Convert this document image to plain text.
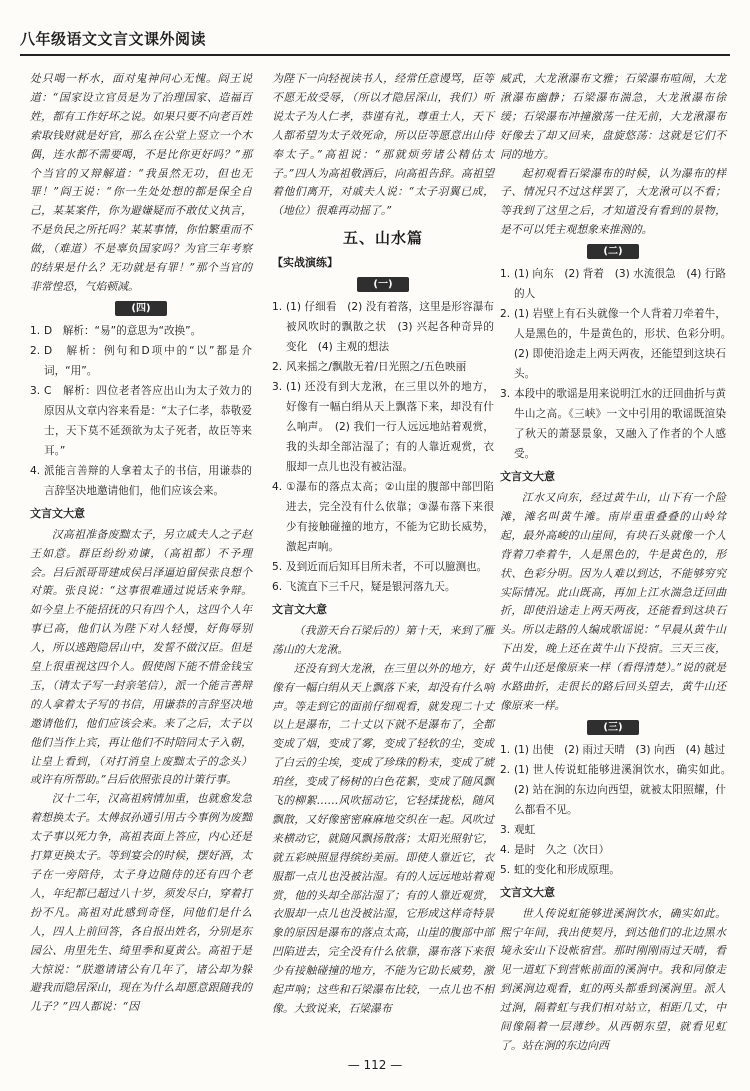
八年级语文文言文课外阅读

处只喝一杯水，面对鬼神问心无愧。阎王说道：“国家设立官员是为了治理国家、造福百姓，都有工作好坏之说。如果只要不向老百姓索取钱财就是好官，那么在公堂上竖立一个木偶，连水都不需要喝，不是比你更好吗？”那个当官的又辩解道：“我虽然无功，但也无罪！”阎王说：“你一生处处想的都是保全自己，某某案件，你为避嫌疑而不敢仗义执言，不是负民之所托吗？某某事情，你怕繁重而不做，（难道）不是辜负国家吗？为官三年考察的结果是什么？无功就是有罪！”那个当官的非常惶恐，气焰顿减。

(四)

1. D　解析：“易”的意思为“改换”。

2. D　解析：例句和D项中的“以”都是介词，“用”。

3. C　解析：四位老者答应出山为太子效力的原因从文章内容来看是：“太子仁孝，恭敬爱士，天下莫不延颈欲为太子死者，故臣等来耳。”

4. 派能言善辩的人拿着太子的书信，用谦恭的言辞坚决地邀请他们，他们应该会来。

文言文大意

汉高祖准备废黜太子，另立戚夫人之子赵王如意。群臣纷纷劝谏，（高祖都）不予理会。吕后派哥哥建成侯吕泽逼迫留侯张良想个对策。张良说：“这事很难通过说话来争辩。如今皇上不能招抚的只有四个人，这四个人年事已高，他们认为陛下对人轻慢，好侮辱别人，所以逃跑隐居山中，发誓不做汉臣。但是皇上很重视这四个人。假使阁下能不惜金钱宝玉，（请太子写一封亲笔信），派一个能言善辩的人拿着太子写的书信，用谦恭的言辞坚决地邀请他们，他们应该会来。来了之后，太子以他们当作上宾，再让他们不时陪同太子入朝，让皇上看到，（对打消皇上废黜太子的念头）或许有所帮助。”吕后依照张良的计策行事。

汉十二年，汉高祖病情加重，也就愈发急着想换太子。太傅叔孙通引用古今事例为废黜太子事以死力争，高祖表面上答应，内心还是打算更换太子。等到宴会的时候，摆好酒，太子在一旁陪侍，太子身边随侍的还有四个老人，年纪都已超过八十岁，须发尽白，穿着打扮不凡。高祖对此感到奇怪，问他们是什么人，四人上前回答，各自报出姓名，分别是东园公、甪里先生、绮里季和夏黄公。高祖于是大惊说：“朕邀请诸公有几年了，诸公却为躲避我而隐居深山，现在为什么却愿意跟随我的儿子？”四人都说：“因

为陛下一向轻视读书人，经常任意谩骂，臣等不愿无故受辱，（所以才隐居深山，我们）听说太子为人仁孝，恭谨有礼，尊重士人，天下人都希望为太子效死命，所以臣等愿意出山侍奉太子。”高祖说：“那就烦劳诸公精估太子。”四人为高祖敬酒后，向高祖告辞。高祖望着他们离开，对戚夫人说：“太子羽翼已成，（地位）很难再动摇了。”

五、山水篇
【实战演练】
(一)

1. (1) 仔细看　(2) 没有着落，这里是形容瀑布被风吹时的飘散之状　(3) 兴起各种奇异的变化　(4) 主观的想法

2. 风来摇之/飘散无着/日光照之/五色映丽

3. (1) 还没有到大龙湫，在三里以外的地方，好像有一幅白绢从天上飘落下来，却没有什么响声。　(2) 我们一行人远远地站着观赏，我的头却全部沾湿了；有的人靠近观赏，衣服却一点儿也没有被沾湿。

4. ①瀑布的落点太高；②山崖的腹部中部凹陷进去，完全没有什么依靠；③瀑布落下来很少有接触碰撞的地方，不能为它助长威势，激起声响。

5. 及到近而后知耳目所未者，不可以臆测也。

6. 飞流直下三千尺，疑是银河落九天。

文言文大意

（我游天台石梁后的）第十天，来到了雁荡山的大龙湫。

还没有到大龙湫，在三里以外的地方，好像有一幅白绢从天上飘落下来，却没有什么响声。等走到它的面前仔细观看，就发现二十丈以上是瀑布，二十丈以下就不是瀑布了，全都变成了烟，变成了雾，变成了轻软的尘，变成了白云的尘埃，变成了珍珠的粉末，变成了琥珀丝，变成了杨树的白色花絮，变成了随风飘飞的柳絮……风吹摇动它，它轻揉拢松，随风飘散，又好像密密麻麻地交织在一起。风吹过来横动它，就随风飘扬散落；太阳光照射它，就五彩映照显得缤纷美丽。即使人靠近它，衣服都一点儿也没被沾湿。有的人远远地站着观赏，他的头却全部沾湿了；有的人靠近观赏，衣服却一点儿也没被沾湿，它形成这样奇特景象的原因是瀑布的落点太高，山崖的腹部中部凹陷进去，完全没有什么依靠，瀑布落下来很少有接触碰撞的地方，不能为它助长威势，激起声响；这些和石梁瀑布比较，一点儿也不相像。大致说来，石梁瀑布

威武，大龙湫瀑布文雅；石梁瀑布喧闹，大龙湫瀑布幽静；石梁瀑布湍急，大龙湫瀑布徐缓；石梁瀑布冲撞激荡一往无前，大龙湫瀑布好像去了却又回来，盘旋悠荡：这就是它们不同的地方。

起初观看石梁瀑布的时候，认为瀑布的样子、情况只不过这样罢了，大龙湫可以不看；等我到了这里之后，才知道没有看到的景物，是不可以凭主观想象来推测的。

(二)

1. (1) 向东　(2) 背着　(3) 水流很急　(4) 行路的人

2. (1) 岩壁上有石头就像一个人背着刀牵着牛，人是黑色的，牛是黄色的，形状、色彩分明。　(2) 即使沿途走上两天两夜，还能望到这块石头。

3. 本段中的歌谣是用来说明江水的迂回曲折与黄牛山之高。《三峡》一文中引用的歌谣既渲染了秋天的萧瑟景象，又融入了作者的个人感受。

文言文大意

江水又向东，经过黄牛山，山下有一个险滩，滩名叫黄牛滩。南岸重重叠叠的山岭耸起，最外高峻的山崖间，有块石头就像一个人背着刀牵着牛，人是黑色的，牛是黄色的，形状、色彩分明。因为人难以到达，不能够穷究实际情况。此山既高，再加上江水湍急迂回曲折，即使沿途走上两天两夜，还能看到这块石头。所以走路的人编成歌谣说：“早晨从黄牛山下出发，晚上还在黄牛山下投宿。三天三夜，黄牛山还是像原来一样（看得清楚）。”说的就是水路曲折，走很长的路后回头望去，黄牛山还像原来一样。

(三)

1. (1) 出使　(2) 雨过天晴　(3) 向西　(4) 越过

2. (1) 世人传说虹能够进溪涧饮水，确实如此。　(2) 站在涧的东边向西望，就被太阳照耀，什么都看不见。

3. 观虹

4. 是时　久之（次日）

5. 虹的变化和形成原理。

文言文大意

世人传说虹能够进溪涧饮水，确实如此。熙宁年间，我出使契丹，到达他们的北边黑水境永安山下设帐宿营。那时刚刚雨过天晴，看见一道虹下到营帐前面的溪涧中。我和同僚走到溪涧边观看，虹的两头都垂到溪涧里。派人过涧，隔着虹与我们相对站立，相距几丈，中间像隔着一层薄纱。从西朝东望，就看见虹了。站在涧的东边向西

— 112 —
